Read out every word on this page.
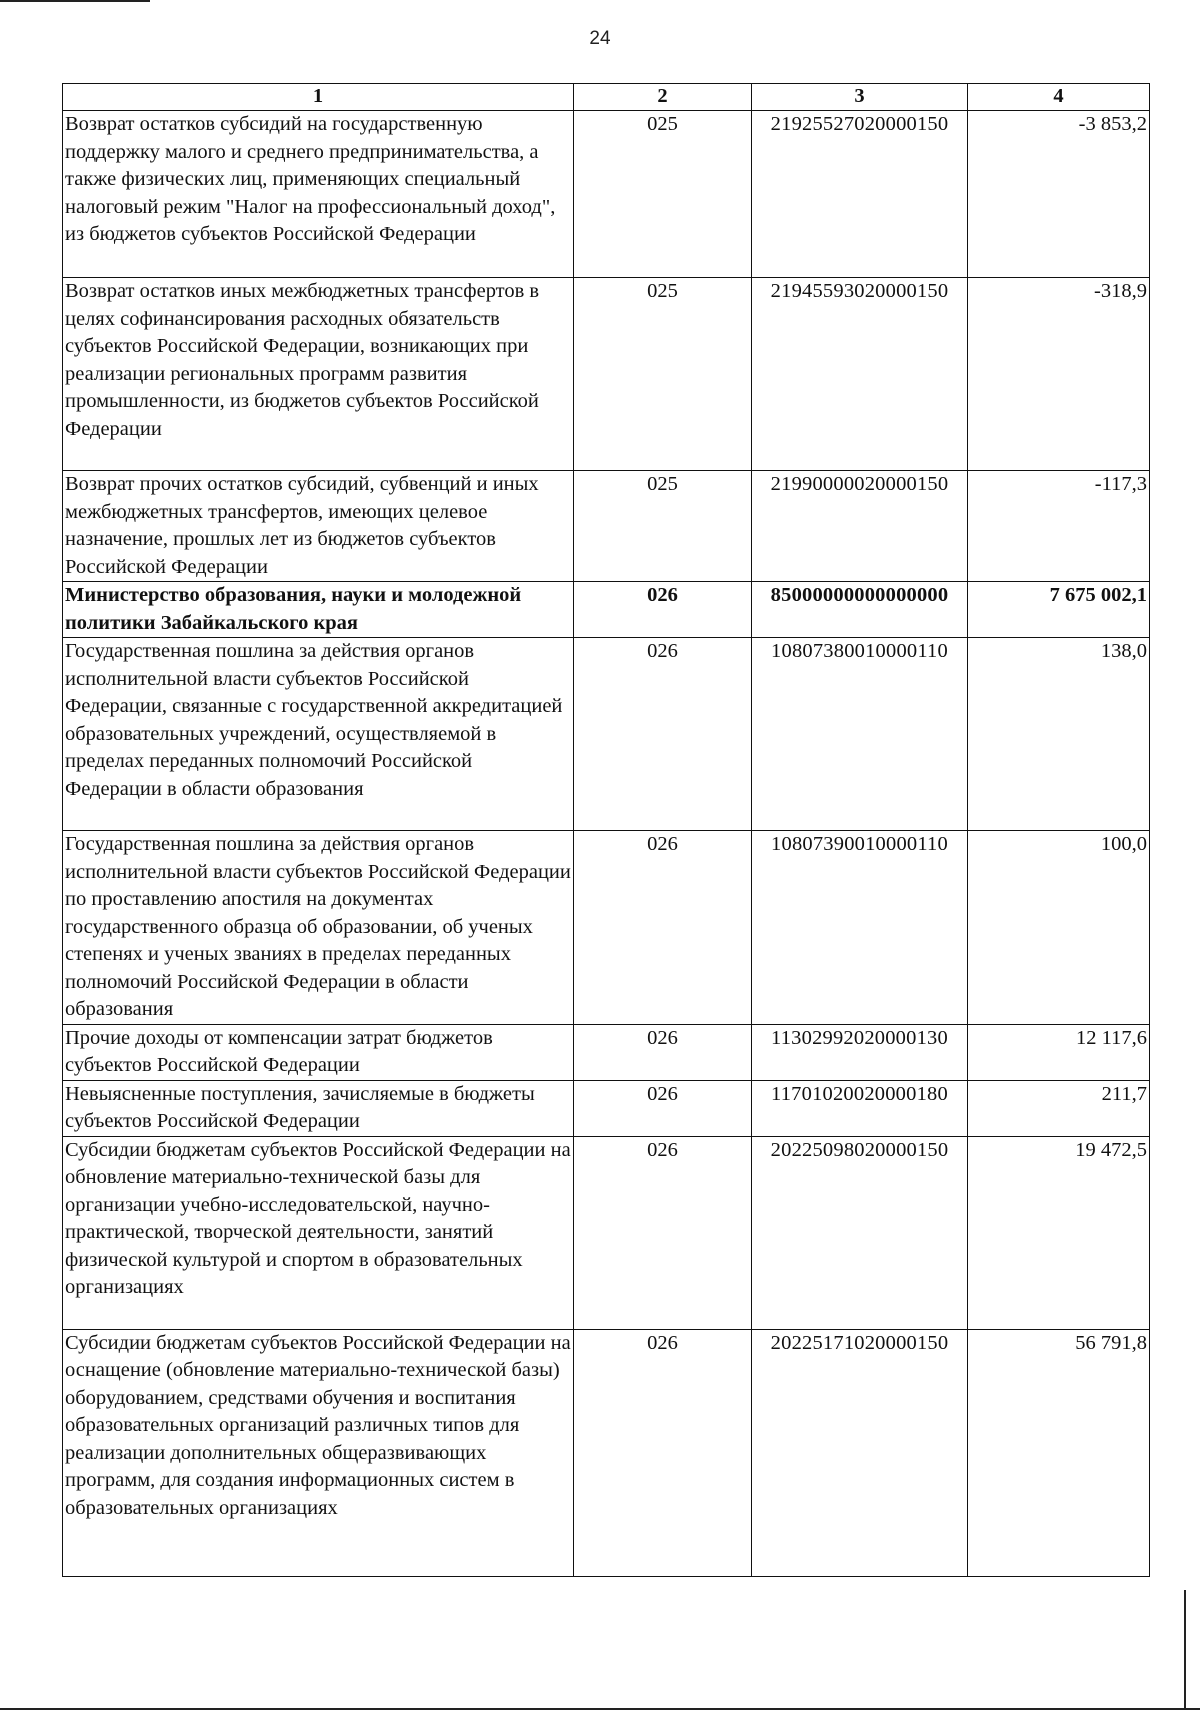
24
1	2	3	4
Возврат остатков субсидий на государственную поддержку малого и среднего предпринимательства, а также физических лиц, применяющих специальный налоговый режим "Налог на профессиональный доход", из бюджетов субъектов Российской Федерации	025	21925527020000150	-3 853,2
Возврат остатков иных межбюджетных трансфертов в целях софинансирования расходных обязательств субъектов Российской Федерации, возникающих при реализации региональных программ развития промышленности, из бюджетов субъектов Российской Федерации	025	21945593020000150	-318,9
Возврат прочих остатков субсидий, субвенций и иных межбюджетных трансфертов, имеющих целевое назначение, прошлых лет из бюджетов субъектов Российской Федерации	025	21990000020000150	-117,3
Министерство образования, науки и молодежной политики Забайкальского края	026	85000000000000000	7 675 002,1
Государственная пошлина за действия органов исполнительной власти субъектов Российской Федерации, связанные с государственной аккредитацией образовательных учреждений, осуществляемой в пределах переданных полномочий Российской Федерации в области образования	026	10807380010000110	138,0
Государственная пошлина за действия органов исполнительной власти субъектов Российской Федерации по проставлению апостиля на документах государственного образца об образовании, об ученых степенях и ученых званиях в пределах переданных полномочий Российской Федерации в области образования	026	10807390010000110	100,0
Прочие доходы от компенсации затрат бюджетов субъектов Российской Федерации	026	11302992020000130	12 117,6
Невыясненные поступления, зачисляемые в бюджеты субъектов Российской Федерации	026	11701020020000180	211,7
Субсидии бюджетам субъектов Российской Федерации на обновление материально-технической базы для организации учебно-исследовательской, научно-практической, творческой деятельности, занятий физической культурой и спортом в образовательных организациях	026	20225098020000150	19 472,5
Субсидии бюджетам субъектов Российской Федерации на оснащение (обновление материально-технической базы) оборудованием, средствами обучения и воспитания образовательных организаций различных типов для реализации дополнительных общеразвивающих программ, для создания информационных систем в образовательных организациях	026	20225171020000150	56 791,8
